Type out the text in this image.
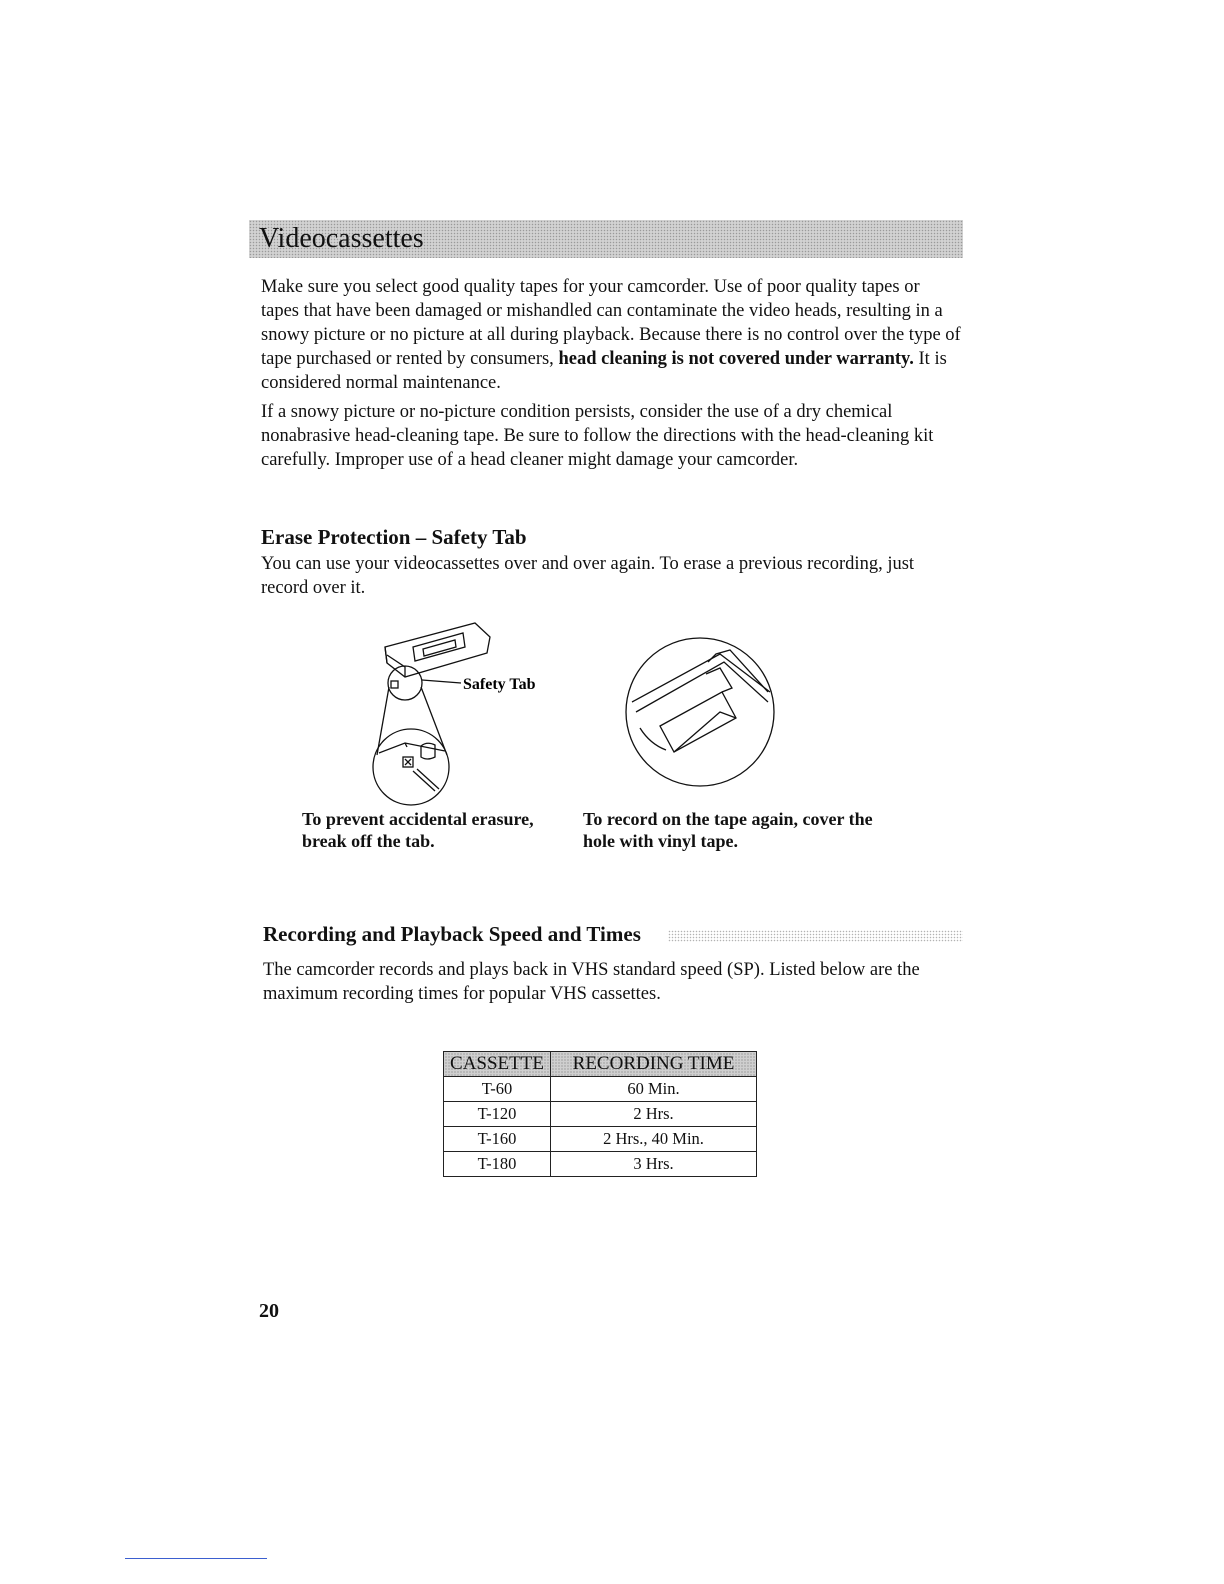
Videocassettes

Make sure you select good quality tapes for your camcorder. Use of poor quality tapes or tapes that have been damaged or mishandled can contaminate the video heads, resulting in a snowy picture or no picture at all during playback. Because there is no control over the type of tape purchased or rented by consumers, head cleaning is not covered under warranty. It is considered normal maintenance.

If a snowy picture or no-picture condition persists, consider the use of a dry chemical nonabrasive head-cleaning tape. Be sure to follow the directions with the head-cleaning kit carefully. Improper use of a head cleaner might damage your camcorder.

Erase Protection – Safety Tab

You can use your videocassettes over and over again. To erase a previous recording, just record over it.

Safety Tab

To prevent accidental erasure, break off the tab.

To record on the tape again, cover the hole with vinyl tape.

Recording and Playback Speed and Times

The camcorder records and plays back in VHS standard speed (SP). Listed below are the maximum recording times for popular VHS cassettes.

CASSETTE	RECORDING TIME
T-60	60 Min.
T-120	2 Hrs.
T-160	2 Hrs., 40 Min.
T-180	3 Hrs.
20
